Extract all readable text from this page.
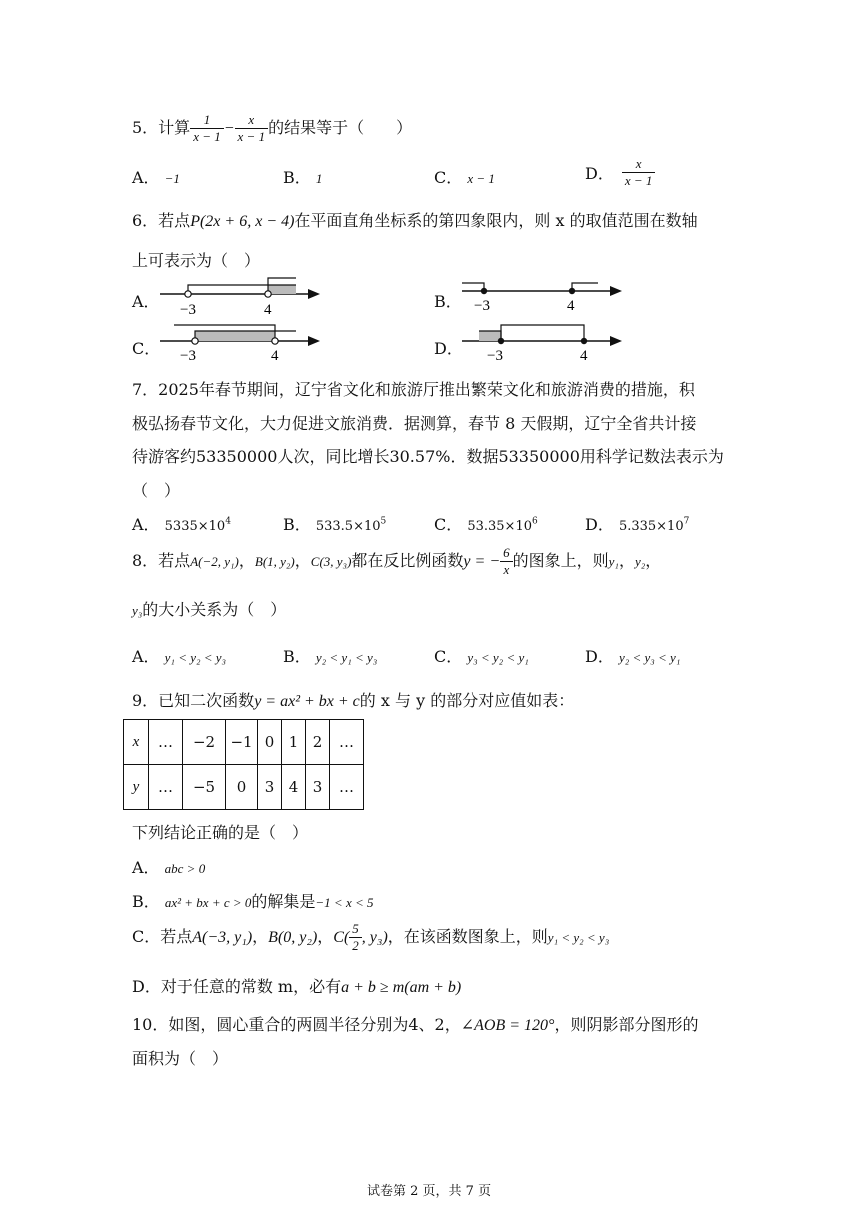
5．计算 $\frac{1}{x - 1} - \frac{x}{x - 1}$ 的结果等于（　　）
A． −1	B． 1	C． x − 1	D． $\frac{x}{x - 1}$
6．若点P(2x + 6, x − 4)在平面直角坐标系的第四象限内，则 x 的取值范围在数轴
上可表示为（　）
A． −3	4	B． −3	4
C． −3	4	D． −3	4
7．2025年春节期间，辽宁省文化和旅游厅推出繁荣文化和旅游消费的措施，积
极弘扬春节文化，大力促进文旅消费．据测算，春节 8 天假期，辽宁全省共计接
待游客约53350000人次，同比增长30.57%．数据53350000用科学记数法表示为
（　）
A． $5335\times 10^4$	B． $533.5\times 10^5$	C． $53.35\times 10^6$	D． $5.335\times 10^7$
8．若点A(−2, y₁)，B(1, y₂)，C(3, y₃)都在反比例函数y = − $\frac{6}{x}$ 的图象上，则y₁，y₂，
y₃的大小关系为（　）
A． y₁ < y₂ < y₃	B． y₂ < y₁ < y₃	C． y₃ < y₂ < y₁	D． y₂ < y₃ < y₁
9．已知二次函数y = ax² + bx + c的 x 与 y 的部分对应值如表：
x	…	−2	−1	0	1	2	…
y	…	−5	0	3	4	3	…
下列结论正确的是（　）
A． abc > 0
B． ax² + bx + c > 0的解集是−1 < x < 5
C．若点A(−3, y₁)，B(0, y₂)，$C( \frac{5}{2}$ , y₃)，在该函数图象上，则y₁ < y₂ < y₃
D．对于任意的常数 m，必有a + b ≥ m(am + b)
10．如图，圆心重合的两圆半径分别为4、2，∠AOB = 120°，则阴影部分图形的
面积为（　）
试卷第 2 页，共 7 页
